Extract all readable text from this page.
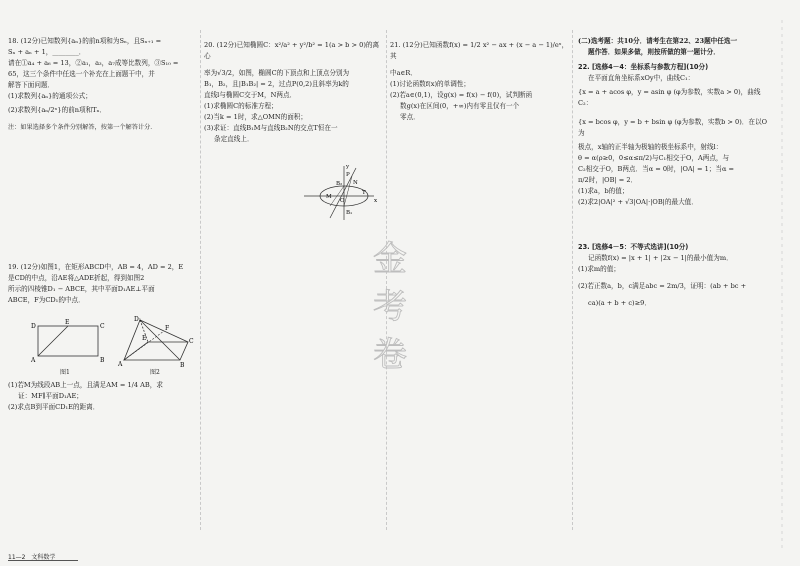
18. (12分)已知数列{aₙ}的前n项和为Sₙ，且Sₙ₊₁ =

Sₙ + aₙ + 1，________．

请在①a₄ + a₆ = 13，②a₁，a₃，a₇成等比数列，③S₁₀ =

65，这三个条件中任选一个补充在上面题干中，并

解答下面问题．

(1)求数列{aₙ}的通项公式；

(2)求数列{aₙ/2ⁿ}的前n项和Tₙ．

注：如果选择多个条件分别解答，按第一个解答计分．

19. (12分)如图1，在矩形ABCD中，AB = 4，AD = 2，E

是CD的中点，沿AE将△ADE折起，得到如图2

所示的四棱锥D₁ − ABCE，其中平面D₁AE⊥平面

ABCE，F为CD₁的中点．

D
E
C
A	B
图1
D₁
F
E	C
A	B
图2

(1)若M为线段AB上一点，且满足AM = 1/4 AB，求

证：MF∥平面D₁AE；

(2)求点B到平面CD₁E的距离．

20. (12分)已知椭圆C：x²/a² + y²/b² = 1(a > b > 0)的离心

率为√3/2，如图，椭圆C的下顶点和上顶点分别为

B₁，B₂，且|B₁B₂| = 2，过点P(0,2)且斜率为k的

直线l与椭圆C交于M，N两点．

(1)求椭圆C的标准方程；

(2)当k = 1时，求△OMN的面积；

(3)求证：直线B₁M与直线B₂N的交点T恒在一

条定直线上．

y
P
N
B₂
M
O
T
x
B₁

21. (12分)已知函数f(x) = 1/2 x² − ax + (x − a − 1)/eˣ，其

中a∈R．

(1)讨论函数f(x)的单调性；

(2)若a∈(0,1)，设g(x) = f(x) − f(0)，试判断函

数g(x)在区间(0，+∞)内有零且仅有一个

零点．

金
考
卷

(二)选考题：共10分．请考生在第22、23题中任选一

题作答．如果多做，则按所做的第一题计分．

22. [选修4－4：坐标系与参数方程](10分)

在平面直角坐标系xOy中，曲线C₁：

{x = a + acos φ，y = asin φ (φ为参数，实数a > 0)，曲线C₂：

{x = bcos φ，y = b + bsin φ (φ为参数，实数b > 0)．在以O为

极点，x轴的正半轴为极轴的极坐标系中，射线l：

θ = α(ρ≥0，0≤α≤π/2)与C₁相交于O，A两点，与

C₂相交于O，B两点．当α = 0时，|OA| = 1；当α =

π/2时，|OB| = 2．

(1)求a，b的值；

(2)求2|OA|² + √3|OA|·|OB|的最大值．

23. [选修4－5：不等式选讲](10分)

记函数f(x) = |x + 1| + |2x − 1|的最小值为m．

(1)求m的值；

(2)若正数a，b，c满足abc = 2m/3，证明：(ab + bc +

ca)(a + b + c)≥9．

11—2 文科数学
